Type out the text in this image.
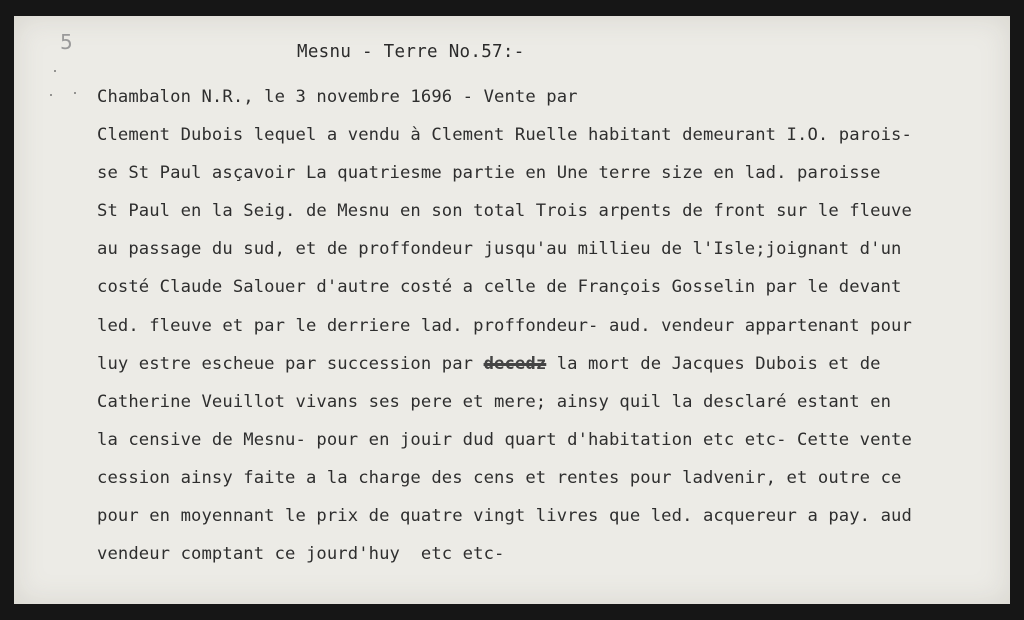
5	Mesnu - Terre No.57:-
Chambalon N.R., le 3 novembre 1696 - Vente par
Clement Dubois lequel a vendu à Clement Ruelle habitant demeurant I.O. parois-
se St Paul asçavoir La quatriesme partie en Une terre size en lad. paroisse
St Paul en la Seig. de Mesnu en son total Trois arpents de front sur le fleuve
au passage du sud, et de proffondeur jusqu'au millieu de l'Isle;joignant d'un
costé Claude Salouer d'autre costé a celle de François Gosselin par le devant
led. fleuve et par le derriere lad. proffondeur- aud. vendeur appartenant pour
luy estre escheue par succession par decedz la mort de Jacques Dubois et de
Catherine Veuillot vivans ses pere et mere; ainsy quil la desclaré estant en
la censive de Mesnu- pour en jouir dud quart d'habitation etc etc- Cette vente
cession ainsy faite a la charge des cens et rentes pour ladvenir, et outre ce
pour en moyennant le prix de quatre vingt livres que led. acquereur a pay. aud
vendeur comptant ce jourd'huy  etc etc-
